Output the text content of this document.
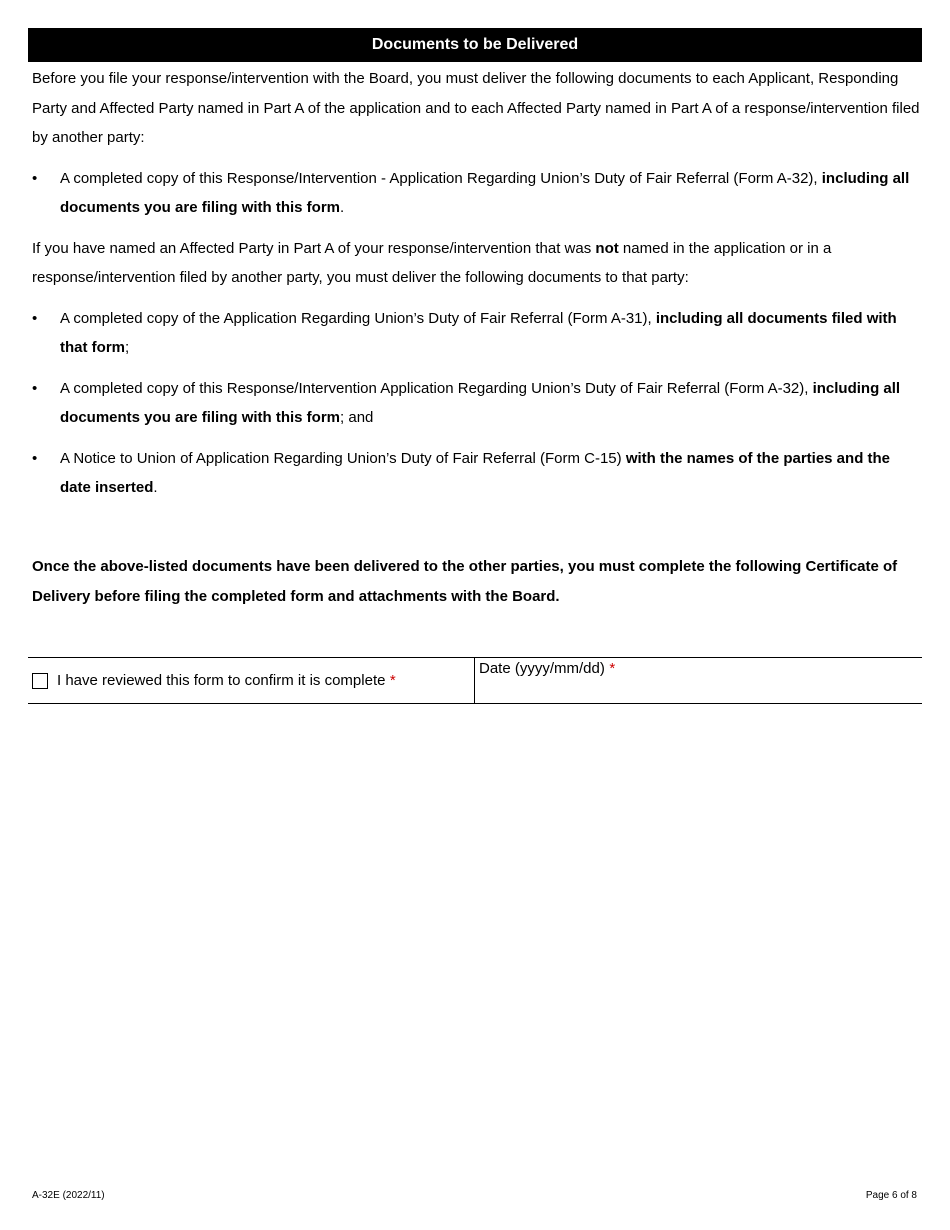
Documents to be Delivered

Before you file your response/intervention with the Board, you must deliver the following documents to each Applicant, Responding Party and Affected Party named in Part A of the application and to each Affected Party named in Part A of a response/intervention filed by another party:

•	A completed copy of this Response/Intervention - Application Regarding Union’s Duty of Fair Referral (Form A-32), including all documents you are filing with this form.

If you have named an Affected Party in Part A of your response/intervention that was not named in the application or in a response/intervention filed by another party, you must deliver the following documents to that party:

•	A completed copy of the Application Regarding Union’s Duty of Fair Referral (Form A-31), including all documents filed with that form;

•	A completed copy of this Response/Intervention Application Regarding Union’s Duty of Fair Referral (Form A-32), including all documents you are filing with this form; and

•	A Notice to Union of Application Regarding Union’s Duty of Fair Referral (Form C-15) with the names of the parties and the date inserted.

Once the above-listed documents have been delivered to the other parties, you must complete the following Certificate of Delivery before filing the completed form and attachments with the Board.
I have reviewed this form to confirm it is complete
*
Date (yyyy/mm/dd) *
A-32E (2022/11)	Page 6 of 8
